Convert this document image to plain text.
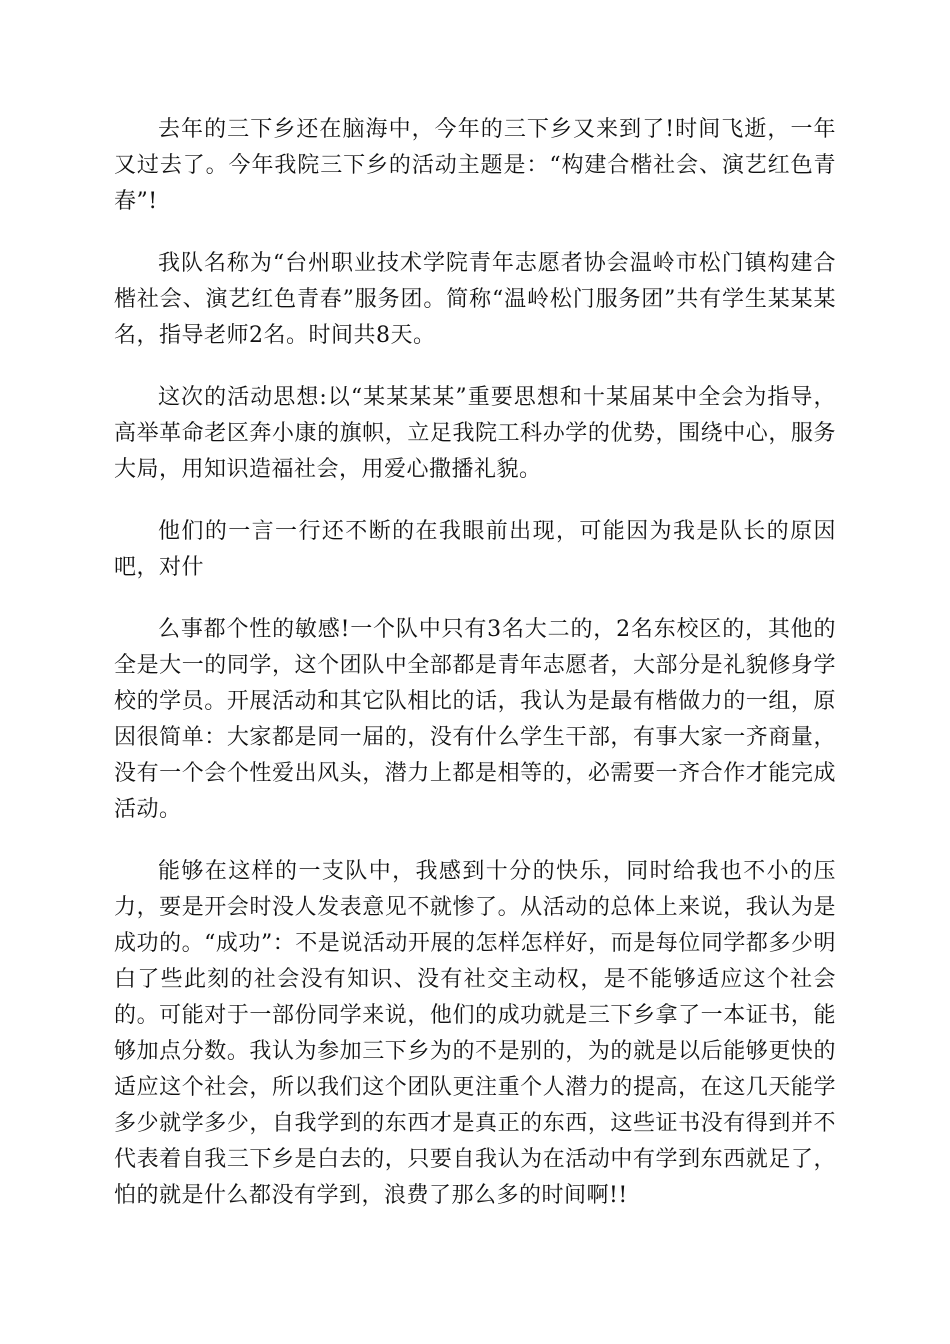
去年的三下乡还在脑海中，今年的三下乡又来到了!时间飞逝，一年又过去了。今年我院三下乡的活动主题是：“构建合楷社会、演艺红色青春”!

我队名称为“台州职业技术学院青年志愿者协会温岭市松门镇构建合楷社会、演艺红色青春”服务团。简称“温岭松门服务团”共有学生某某某名，指导老师2名。时间共8天。

这次的活动思想:以“某某某某”重要思想和十某届某中全会为指导，高举革命老区奔小康的旗帜，立足我院工科办学的优势，围绕中心，服务大局，用知识造福社会，用爱心撒播礼貌。

他们的一言一行还不断的在我眼前出现，可能因为我是队长的原因吧，对什

么事都个性的敏感!一个队中只有3名大二的，2名东校区的，其他的全是大一的同学，这个团队中全部都是青年志愿者，大部分是礼貌修身学校的学员。开展活动和其它队相比的话，我认为是最有楷做力的一组，原因很简单：大家都是同一届的，没有什么学生干部，有事大家一齐商量，没有一个会个性爱出风头，潜力上都是相等的，必需要一齐合作才能完成活动。

能够在这样的一支队中，我感到十分的快乐，同时给我也不小的压力，要是开会时没人发表意见不就惨了。从活动的总体上来说，我认为是成功的。“成功”：不是说活动开展的怎样怎样好，而是每位同学都多少明白了些此刻的社会没有知识、没有社交主动权，是不能够适应这个社会的。可能对于一部份同学来说，他们的成功就是三下乡拿了一本证书，能够加点分数。我认为参加三下乡为的不是别的，为的就是以后能够更快的适应这个社会，所以我们这个团队更注重个人潜力的提高，在这几天能学多少就学多少，自我学到的东西才是真正的东西，这些证书没有得到并不代表着自我三下乡是白去的，只要自我认为在活动中有学到东西就足了，怕的就是什么都没有学到，浪费了那么多的时间啊!!
